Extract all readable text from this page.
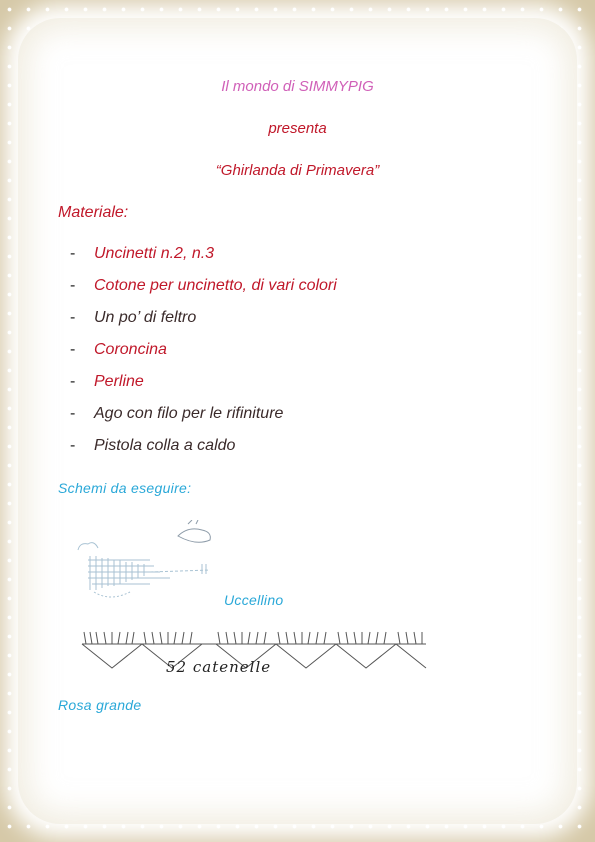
Il mondo di SIMMYPIG
presenta
“Ghirlanda di Primavera”
Materiale:
- Uncinetti n.2, n.3
- Cotone per uncinetto, di vari colori
- Un po’ di feltro
- Coroncina
- Perline
- Ago con filo per le rifiniture
- Pistola colla a caldo
Schemi da eseguire:
Uccellino
52 catenelle
Rosa grande
